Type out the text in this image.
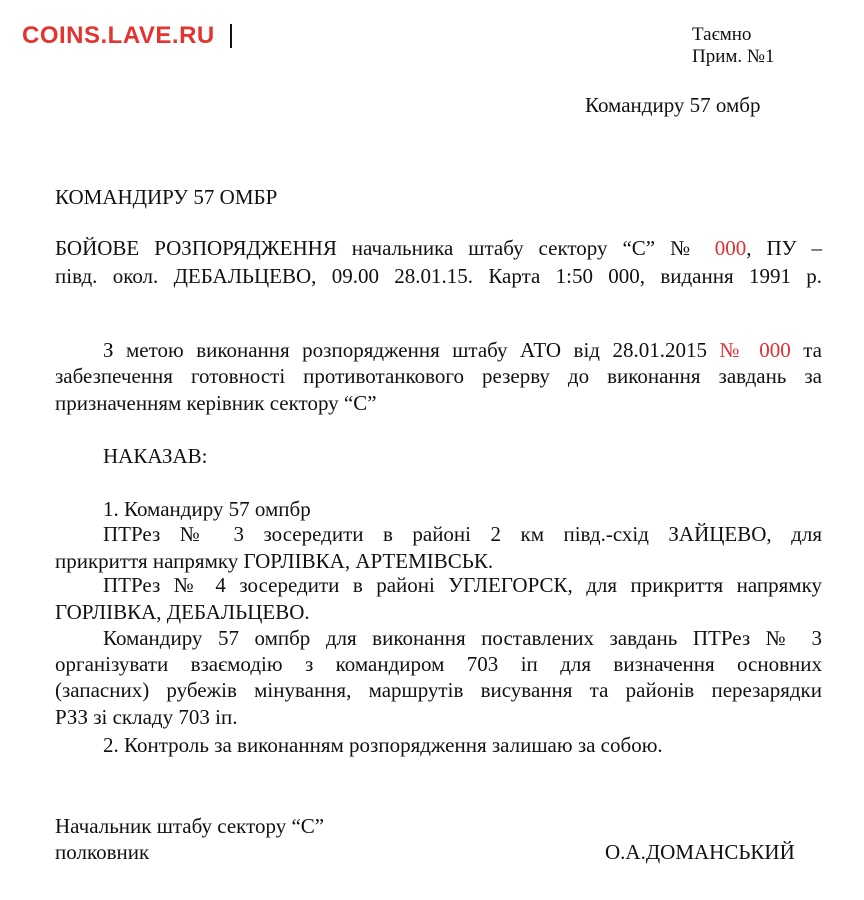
COINS.LAVE.RU	Таємно
Прим. №1
Командиру 57 омбр
КОМАНДИРУ 57 ОМБР
БОЙОВЕ РОЗПОРЯДЖЕННЯ начальника штабу сектору “С” № 000, ПУ –
півд. окол. ДЕБАЛЬЦЕВО, 09.00 28.01.15. Карта 1:50 000, видання 1991 р.
З метою виконання розпорядження штабу АТО від 28.01.2015 № 000 та
забезпечення готовності противотанкового резерву до виконання завдань за
призначенням керівник сектору “С”
НАКАЗАВ:
1. Командиру 57 омпбр
ПТРез № 3 зосередити в районі 2 км півд.-схід ЗАЙЦЕВО, для
прикриття напрямку ГОРЛІВКА, АРТЕМІВСЬК.
ПТРез № 4 зосередити в районі УГЛЕГОРСК, для прикриття напрямку
ГОРЛІВКА, ДЕБАЛЬЦЕВО.
Командиру 57 омпбр для виконання поставлених завдань ПТРез № 3
організувати взаємодію з командиром 703 іп для визначення основних
(запасних) рубежів мінування, маршрутів висування та районів перезарядки
РЗЗ зі складу 703 іп.
2. Контроль за виконанням розпорядження залишаю за собою.
Начальник штабу сектору “С”
полковник	О.А.ДОМАНСЬКИЙ
